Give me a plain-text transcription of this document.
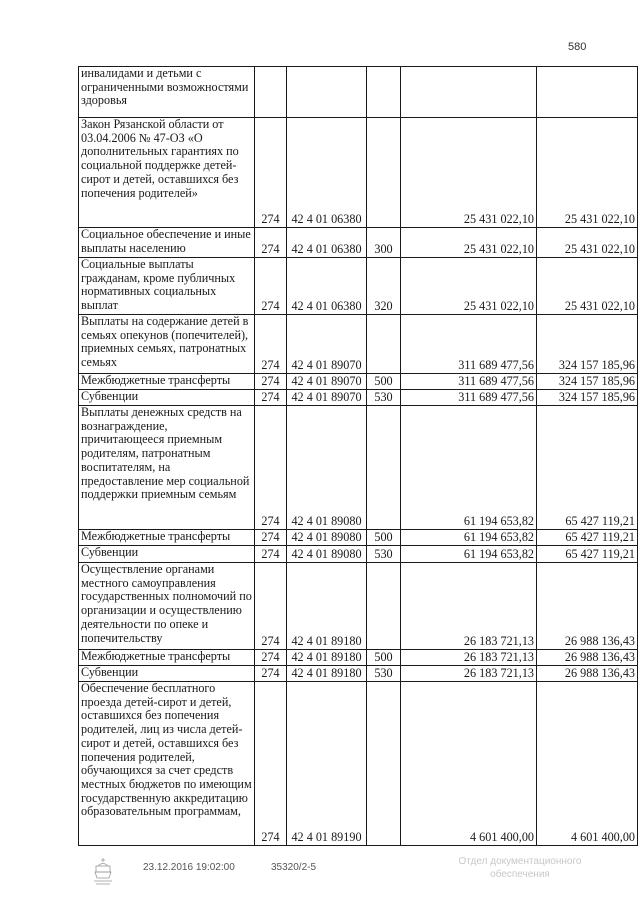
580
инвалидами и детьми с ограниченными возможностями здоровья					
Закон Рязанской области от 03.04.2006 № 47-ОЗ «О дополнительных гарантиях по социальной поддержке детей-сирот и детей, оставшихся без попечения родителей»	274	42 4 01 06380		25 431 022,10	25 431 022,10
Социальное обеспечение и иные выплаты населению	274	42 4 01 06380	300	25 431 022,10	25 431 022,10
Социальные выплаты гражданам, кроме публичных нормативных социальных выплат	274	42 4 01 06380	320	25 431 022,10	25 431 022,10
Выплаты на содержание детей в семьях опекунов (попечителей), приемных семьях, патронатных семьях	274	42 4 01 89070		311 689 477,56	324 157 185,96
Межбюджетные трансферты	274	42 4 01 89070	500	311 689 477,56	324 157 185,96
Субвенции	274	42 4 01 89070	530	311 689 477,56	324 157 185,96
Выплаты денежных средств на вознаграждение, причитающееся приемным родителям, патронатным воспитателям, на предоставление мер социальной поддержки приемным семьям	274	42 4 01 89080		61 194 653,82	65 427 119,21
Межбюджетные трансферты	274	42 4 01 89080	500	61 194 653,82	65 427 119,21
Субвенции	274	42 4 01 89080	530	61 194 653,82	65 427 119,21
Осуществление органами местного самоуправления государственных полномочий по организации и осуществлению деятельности по опеке и попечительству	274	42 4 01 89180		26 183 721,13	26 988 136,43
Межбюджетные трансферты	274	42 4 01 89180	500	26 183 721,13	26 988 136,43
Субвенции	274	42 4 01 89180	530	26 183 721,13	26 988 136,43
Обеспечение бесплатного проезда детей-сирот и детей, оставшихся без попечения родителей, лиц из числа детей-сирот и детей, оставшихся без попечения родителей, обучающихся за счет средств местных бюджетов по имеющим государственную аккредитацию образовательным программам,	274	42 4 01 89190		4 601 400,00	4 601 400,00
23.12.2016 19:02:00	35320/2-5
Отдел документационного обеспечения
